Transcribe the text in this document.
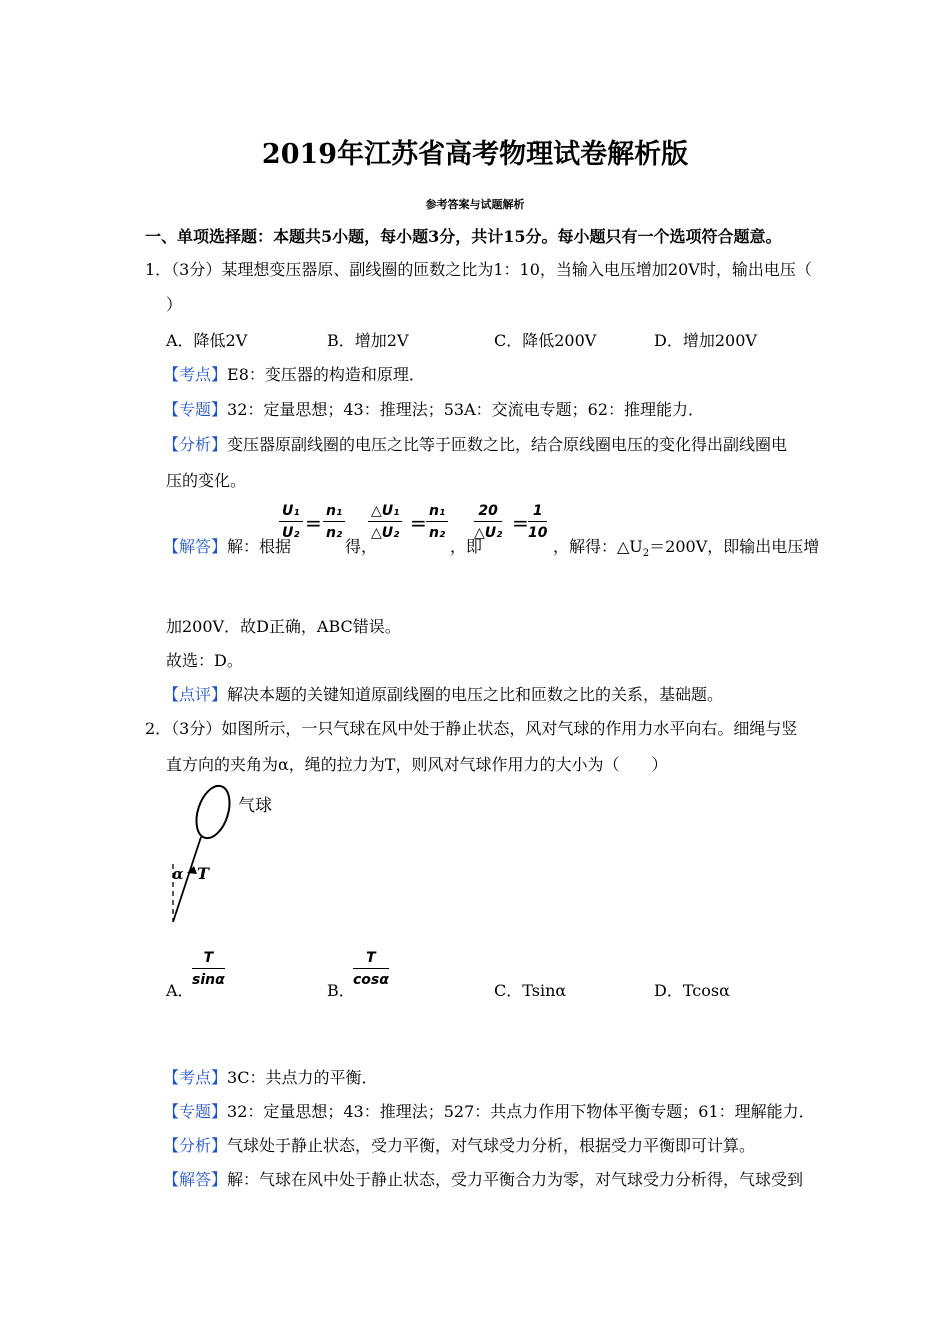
2019年江苏省高考物理试卷解析版
参考答案与试题解析
一、单项选择题：本题共5小题，每小题3分，共计15分。每小题只有一个选项符合题意。
1．（3分）某理想变压器原、副线圈的匝数之比为1：10，当输入电压增加20V时，输出电压（
）
A．降低2V	B．增加2V	C．降低200V	D．增加200V
【考点】E8：变压器的构造和原理．
【专题】32：定量思想；43：推理法；53A：交流电专题；62：推理能力．
【分析】变压器原副线圈的电压之比等于匝数之比，结合原线圈电压的变化得出副线圈电
压的变化。
【解答】解：根据
$\frac{\text{U₁}}{\text{U₂}} = \frac{\text{n₁}}{\text{n₂}}$
得，
$\frac{\text{△U₁}}{\text{△U₂}} = \frac{\text{n₁}}{\text{n₂}}$
，即
$\frac{20}{\text{△U₂}} = \frac{1}{10}$
，解得：$\triangle U_2=200V$，即输出电压增
加200V．故D正确，ABC错误。
故选：D。
【点评】解决本题的关键知道原副线圈的电压之比和匝数之比的关系，基础题。
2．（3分）如图所示，一只气球在风中处于静止状态，风对气球的作用力水平向右。细绳与竖
直方向的夹角为α，绳的拉力为T，则风对气球作用力的大小为（　　）
气球
α T
A．
$\frac{T}{\sin\alpha}$
B．
$\frac{T}{\cos\alpha}$
C．Tsinα	D．Tcosα
【考点】3C：共点力的平衡．
【专题】32：定量思想；43：推理法；527：共点力作用下物体平衡专题；61：理解能力．
【分析】气球处于静止状态，受力平衡，对气球受力分析，根据受力平衡即可计算。
【解答】解：气球在风中处于静止状态，受力平衡合力为零，对气球受力分析得，气球受到
